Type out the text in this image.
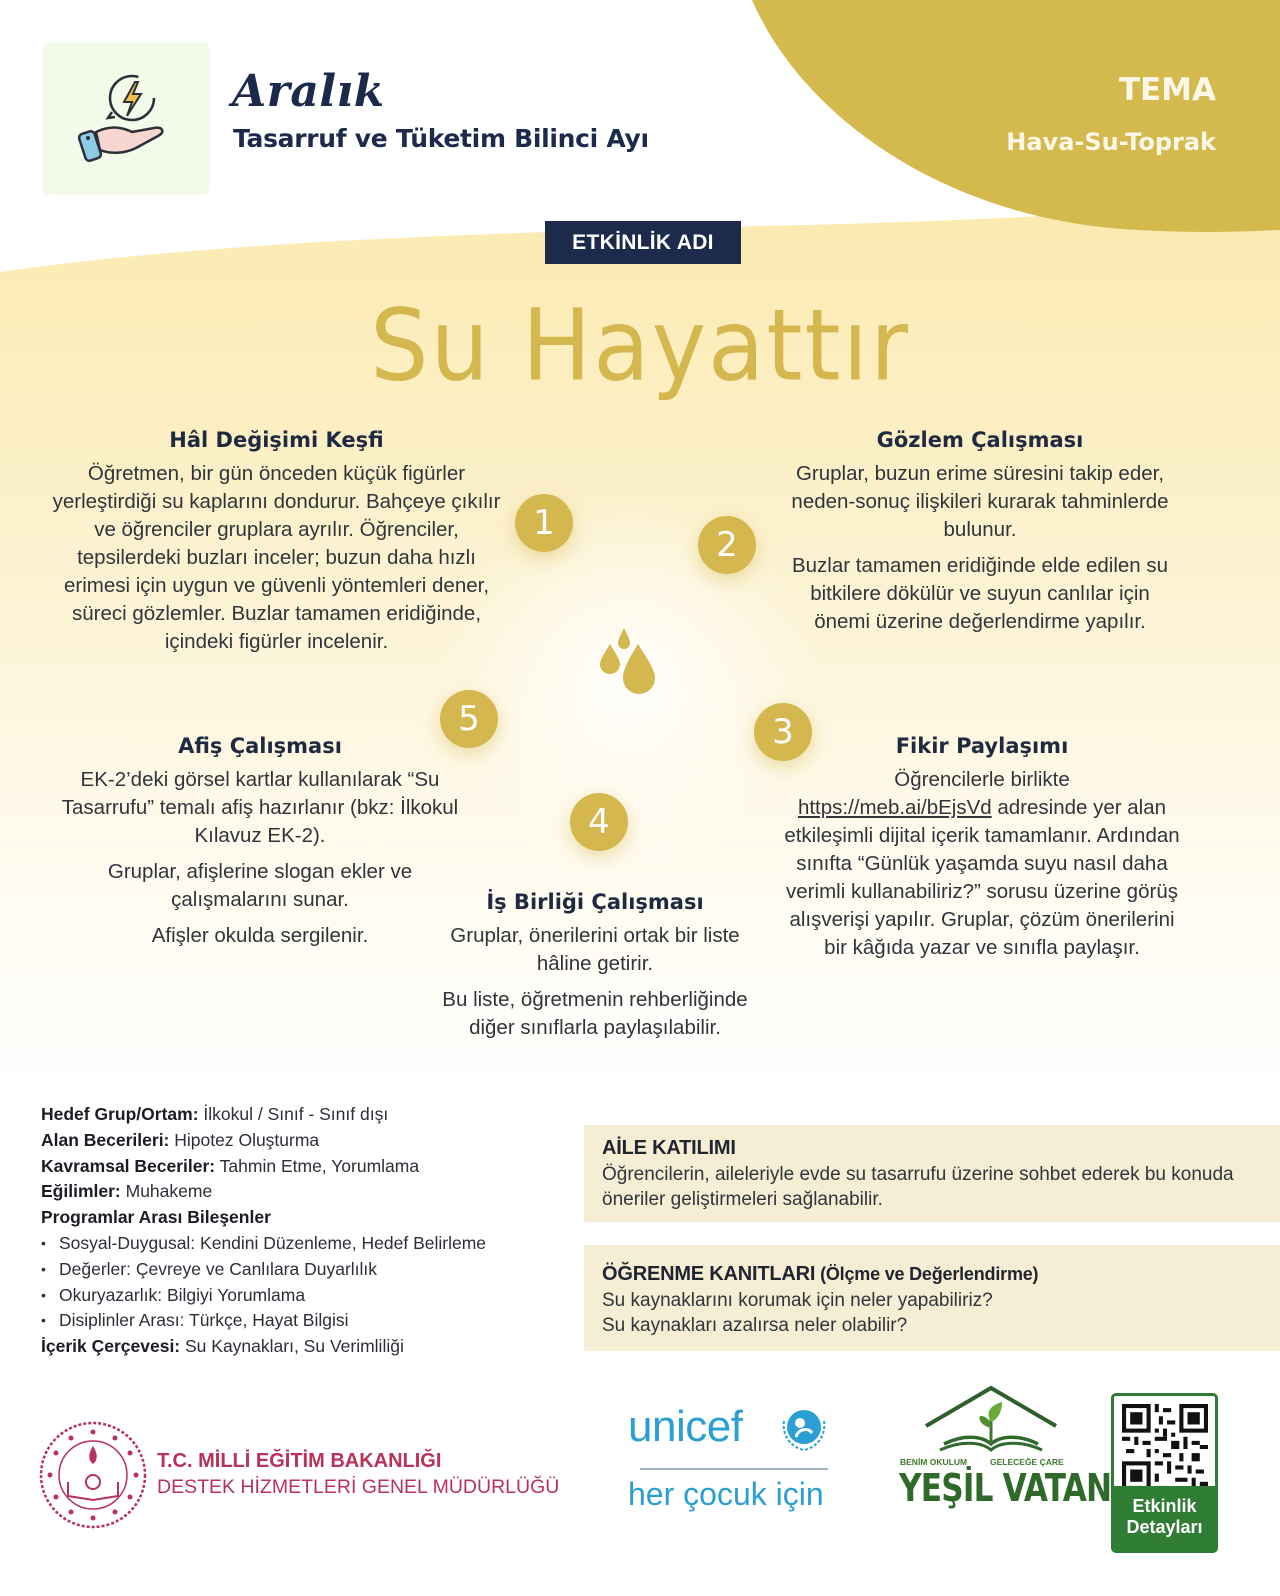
Aralık
Tasarruf ve Tüketim Bilinci Ayı
TEMA
Hava-Su-Toprak
ETKİNLİK ADI
Su Hayattır
1
2
3
4
5
Hâl Değişimi Keşfi

Öğretmen, bir gün önceden küçük figürler yerleştirdiği su kaplarını dondurur. Bahçeye çıkılır ve öğrenciler gruplara ayrılır. Öğrenciler, tepsilerdeki buzları inceler; buzun daha hızlı erimesi için uygun ve güvenli yöntemleri dener, süreci gözlemler. Buzlar tamamen eridiğinde, içindeki figürler incelenir.

Gözlem Çalışması

Gruplar, buzun erime süresini takip eder, neden-sonuç ilişkileri kurarak tahminlerde bulunur.

Buzlar tamamen eridiğinde elde edilen su bitkilere dökülür ve suyun canlılar için önemi üzerine değerlendirme yapılır.

Afiş Çalışması

EK-2’deki görsel kartlar kullanılarak “Su Tasarrufu” temalı afiş hazırlanır (bkz: İlkokul Kılavuz EK-2).

Gruplar, afişlerine slogan ekler ve çalışmalarını sunar.

Afişler okulda sergilenir.

Fikir Paylaşımı

Öğrencilerle birlikte
https://meb.ai/bEjsVd adresinde yer alan etkileşimli dijital içerik tamamlanır. Ardından sınıfta “Günlük yaşamda suyu nasıl daha verimli kullanabiliriz?” sorusu üzerine görüş alışverişi yapılır. Gruplar, çözüm önerilerini bir kâğıda yazar ve sınıfla paylaşır.

İş Birliği Çalışması

Gruplar, önerilerini ortak bir liste hâline getirir.

Bu liste, öğretmenin rehberliğinde diğer sınıflarla paylaşılabilir.

Hedef Grup/Ortam: İlkokul / Sınıf - Sınıf dışı
Alan Becerileri: Hipotez Oluşturma
Kavramsal Beceriler: Tahmin Etme, Yorumlama
Eğilimler: Muhakeme
Programlar Arası Bileşenler
• Sosyal-Duygusal: Kendini Düzenleme, Hedef Belirleme
• Değerler: Çevreye ve Canlılara Duyarlılık
• Okuryazarlık: Bilgiyi Yorumlama
• Disiplinler Arası: Türkçe, Hayat Bilgisi
İçerik Çerçevesi: Su Kaynakları, Su Verimliliği
AİLE KATILIMI

Öğrencilerin, aileleriyle evde su tasarrufu üzerine sohbet ederek bu konuda öneriler geliştirmeleri sağlanabilir.

ÖĞRENME KANITLARI (Ölçme ve Değerlendirme)

Su kaynaklarını korumak için neler yapabiliriz?

Su kaynakları azalırsa neler olabilir?

T.C. MİLLİ EĞİTİM BAKANLIĞI
DESTEK HİZMETLERİ GENEL MÜDÜRLÜĞÜ
unicef
her çocuk için
BENİM OKULUM	GELECEĞE ÇARE
YEŞİL VATAN	Etkinlik
Detayları
